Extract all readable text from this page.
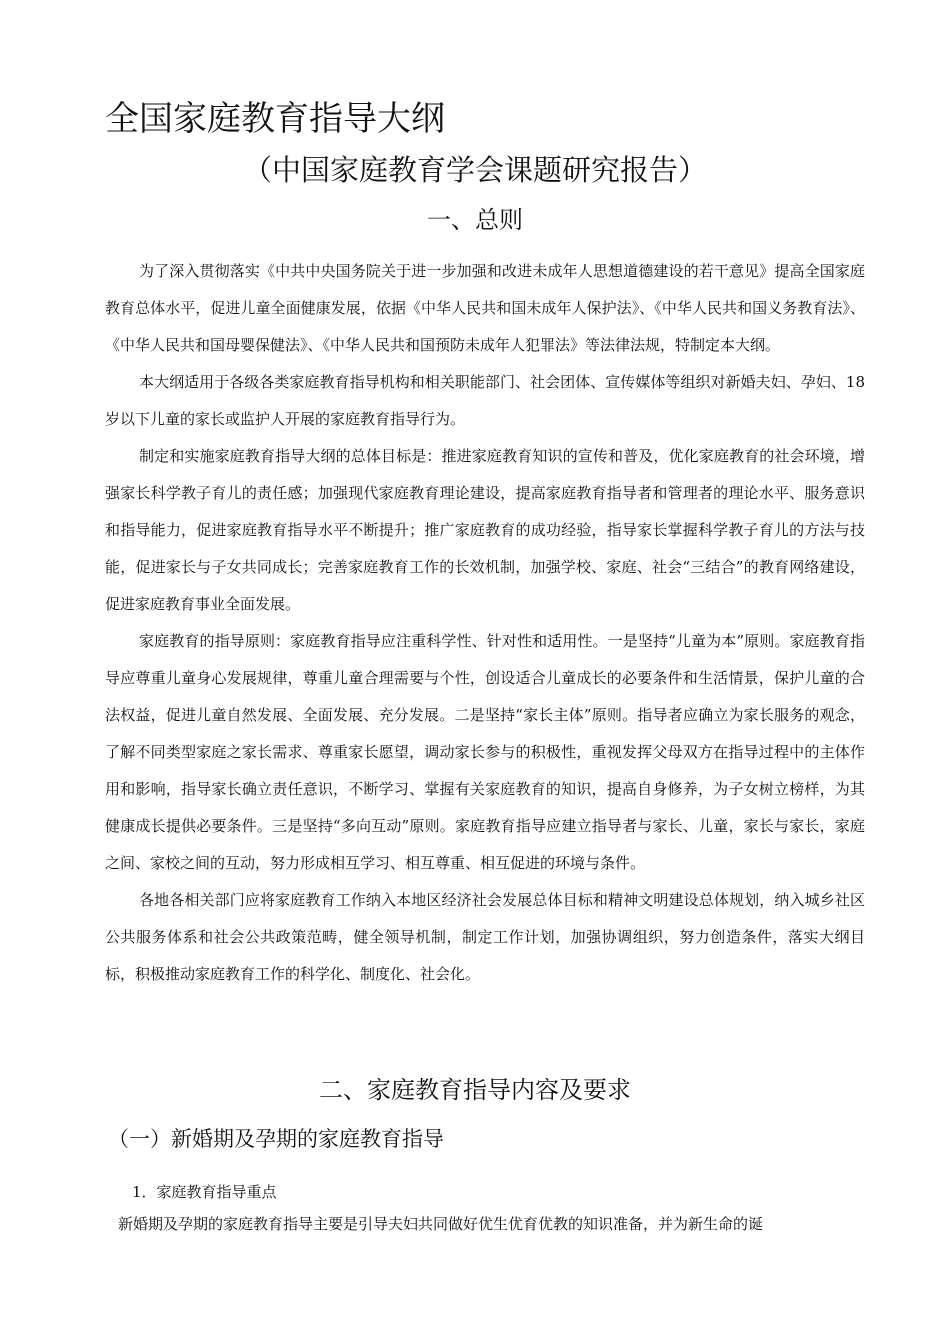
全国家庭教育指导大纲
（中国家庭教育学会课题研究报告）
一、总则

为了深入贯彻落实《中共中央国务院关于进一步加强和改进未成年人思想道德建设的若干意见》提高全国家庭教育总体水平，促进儿童全面健康发展，依据《中华人民共和国未成年人保护法》、《中华人民共和国义务教育法》、《中华人民共和国母婴保健法》、《中华人民共和国预防未成年人犯罪法》等法律法规，特制定本大纲。

本大纲适用于各级各类家庭教育指导机构和相关职能部门、社会团体、宣传媒体等组织对新婚夫妇、孕妇、18岁以下儿童的家长或监护人开展的家庭教育指导行为。

制定和实施家庭教育指导大纲的总体目标是：推进家庭教育知识的宣传和普及，优化家庭教育的社会环境，增强家长科学教子育儿的责任感；加强现代家庭教育理论建设，提高家庭教育指导者和管理者的理论水平、服务意识和指导能力，促进家庭教育指导水平不断提升；推广家庭教育的成功经验，指导家长掌握科学教子育儿的方法与技能，促进家长与子女共同成长；完善家庭教育工作的长效机制，加强学校、家庭、社会“三结合”的教育网络建设，促进家庭教育事业全面发展。

家庭教育的指导原则：家庭教育指导应注重科学性、针对性和适用性。一是坚持“儿童为本”原则。家庭教育指导应尊重儿童身心发展规律，尊重儿童合理需要与个性，创设适合儿童成长的必要条件和生活情景，保护儿童的合法权益，促进儿童自然发展、全面发展、充分发展。二是坚持“家长主体”原则。指导者应确立为家长服务的观念，了解不同类型家庭之家长需求、尊重家长愿望，调动家长参与的积极性，重视发挥父母双方在指导过程中的主体作用和影响，指导家长确立责任意识，不断学习、掌握有关家庭教育的知识，提高自身修养，为子女树立榜样，为其健康成长提供必要条件。三是坚持“多向互动”原则。家庭教育指导应建立指导者与家长、儿童，家长与家长，家庭之间、家校之间的互动，努力形成相互学习、相互尊重、相互促进的环境与条件。

各地各相关部门应将家庭教育工作纳入本地区经济社会发展总体目标和精神文明建设总体规划，纳入城乡社区公共服务体系和社会公共政策范畴，健全领导机制，制定工作计划，加强协调组织，努力创造条件，落实大纲目标，积极推动家庭教育工作的科学化、制度化、社会化。

二、家庭教育指导内容及要求
（一）新婚期及孕期的家庭教育指导
1．家庭教育指导重点

新婚期及孕期的家庭教育指导主要是引导夫妇共同做好优生优育优教的知识准备，并为新生命的诞
